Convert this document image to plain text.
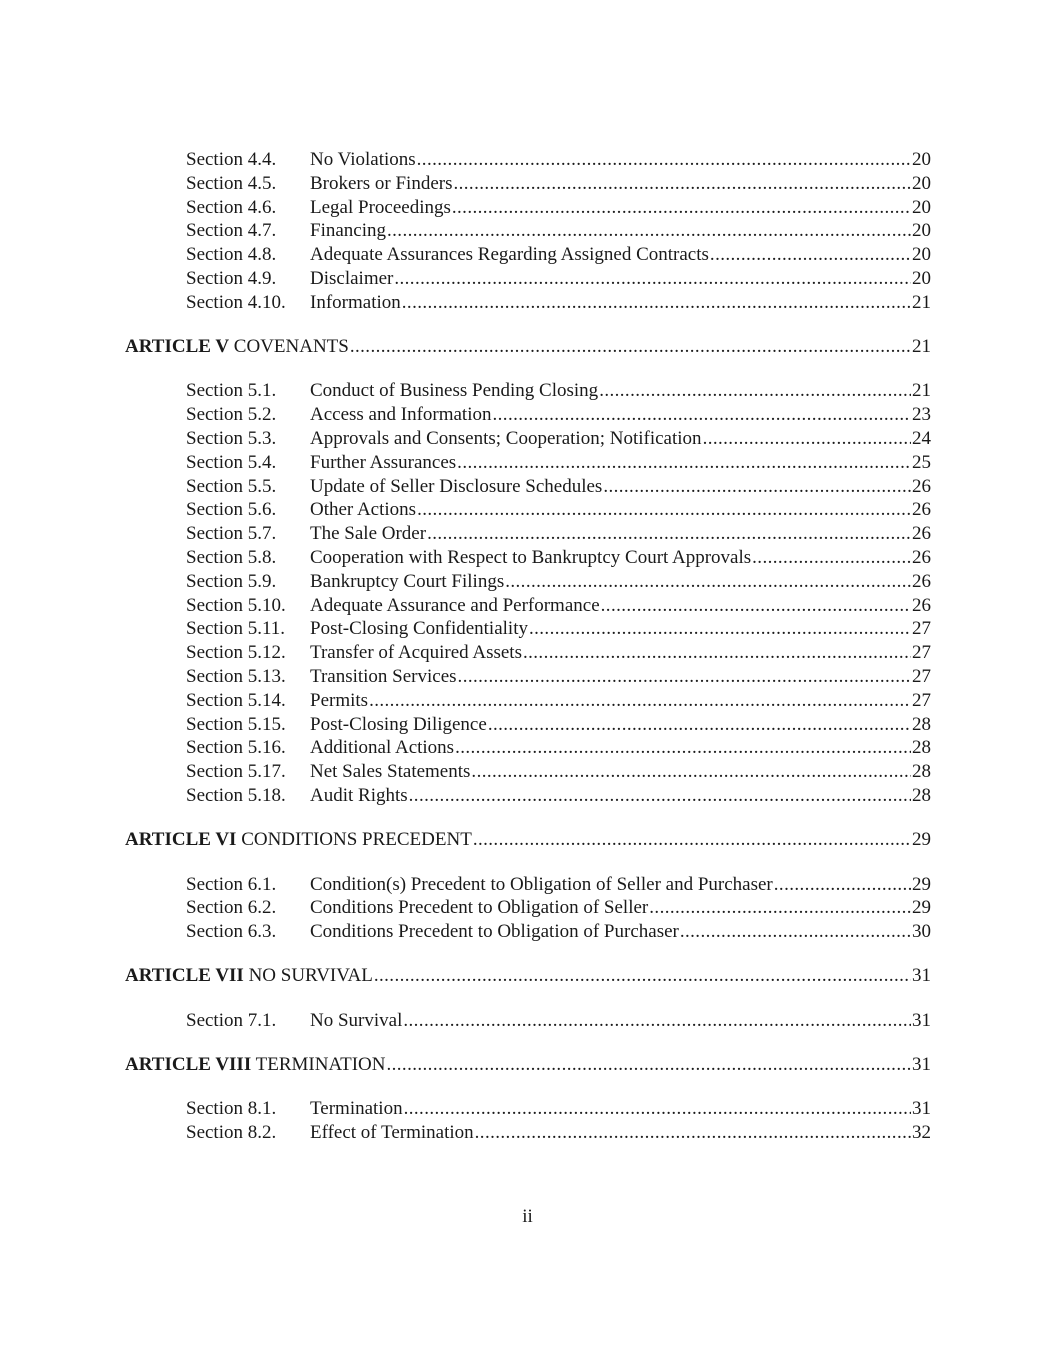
Section 4.4.	No Violations .....	20
Section 4.5.	Brokers or Finders .....	20
Section 4.6.	Legal Proceedings .....	20
Section 4.7.	Financing .....	20
Section 4.8.	Adequate Assurances Regarding Assigned Contracts .....	20
Section 4.9.	Disclaimer .....	20
Section 4.10.	Information .....	21
ARTICLE V COVENANTS .....	21
Section 5.1.	Conduct of Business Pending Closing .....	21
Section 5.2.	Access and Information .....	23
Section 5.3.	Approvals and Consents; Cooperation; Notification .....	24
Section 5.4.	Further Assurances .....	25
Section 5.5.	Update of Seller Disclosure Schedules .....	26
Section 5.6.	Other Actions .....	26
Section 5.7.	The Sale Order .....	26
Section 5.8.	Cooperation with Respect to Bankruptcy Court Approvals .....	26
Section 5.9.	Bankruptcy Court Filings .....	26
Section 5.10.	Adequate Assurance and Performance .....	26
Section 5.11.	Post-Closing Confidentiality .....	27
Section 5.12.	Transfer of Acquired Assets .....	27
Section 5.13.	Transition Services .....	27
Section 5.14.	Permits .....	27
Section 5.15.	Post-Closing Diligence .....	28
Section 5.16.	Additional Actions .....	28
Section 5.17.	Net Sales Statements .....	28
Section 5.18.	Audit Rights .....	28
ARTICLE VI CONDITIONS PRECEDENT .....	29
Section 6.1.	Condition(s) Precedent to Obligation of Seller and Purchaser .....	29
Section 6.2.	Conditions Precedent to Obligation of Seller .....	29
Section 6.3.	Conditions Precedent to Obligation of Purchaser .....	30
ARTICLE VII NO SURVIVAL .....	31
Section 7.1.	No Survival .....	31
ARTICLE VIII TERMINATION .....	31
Section 8.1.	Termination .....	31
Section 8.2.	Effect of Termination .....	32
ii
